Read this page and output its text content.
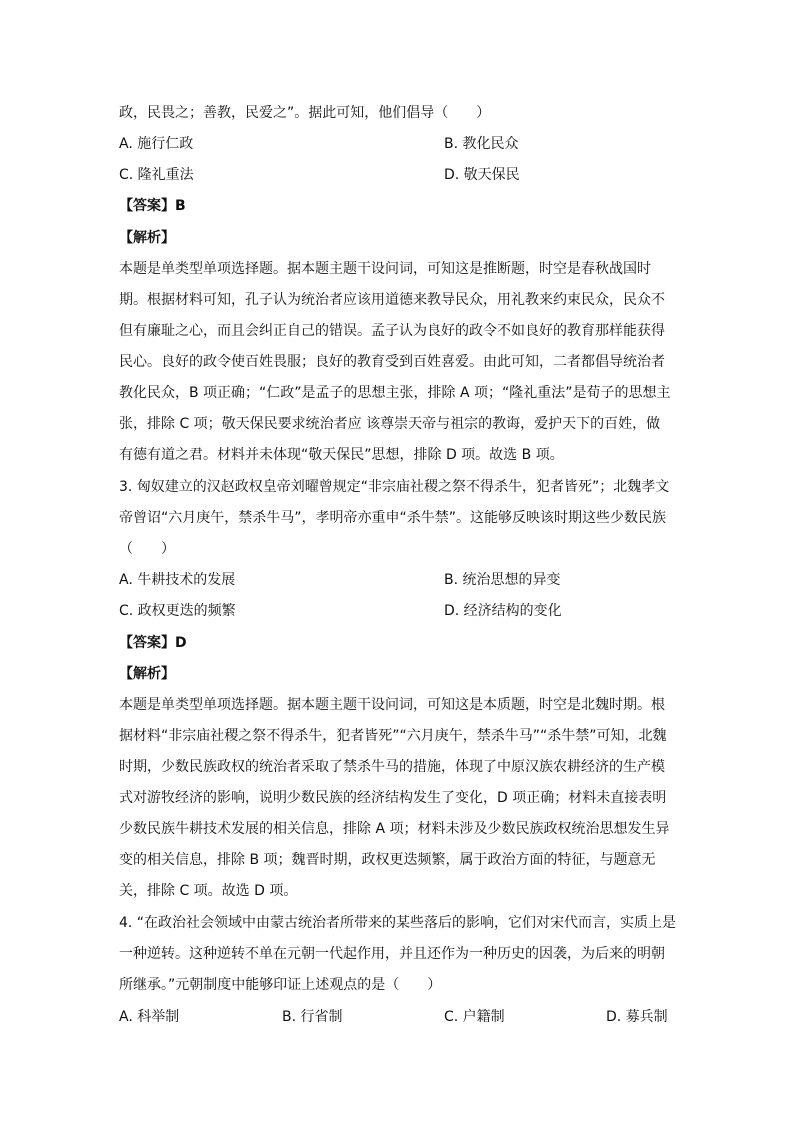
政，民畏之；善教，民爱之”。据此可知，他们倡导（　　）
A. 施行仁政	B. 教化民众
C. 隆礼重法	D. 敬天保民
【答案】B
【解析】
本题是单类型单项选择题。据本题主题干设问词，可知这是推断题，时空是春秋战国时
期。根据材料可知，孔子认为统治者应该用道德来教导民众，用礼教来约束民众，民众不
但有廉耻之心，而且会纠正自己的错误。孟子认为良好的政令不如良好的教育那样能获得
民心。良好的政令使百姓畏服；良好的教育受到百姓喜爱。由此可知，二者都倡导统治者
教化民众，B 项正确；“仁政”是孟子的思想主张，排除 A 项；“隆礼重法”是荀子的思想主
张，排除 C 项；敬天保民要求统治者应 该尊崇天帝与祖宗的教诲，爱护天下的百姓，做
有德有道之君。材料并未体现“敬天保民”思想，排除 D 项。故选 B 项。
3. 匈奴建立的汉赵政权皇帝刘曜曾规定“非宗庙社稷之祭不得杀牛，犯者皆死”；北魏孝文
帝曾诏“六月庚午，禁杀牛马”，孝明帝亦重申“杀牛禁”。这能够反映该时期这些少数民族
（　　）
A. 牛耕技术的发展	B. 统治思想的异变
C. 政权更迭的频繁	D. 经济结构的变化
【答案】D
【解析】
本题是单类型单项选择题。据本题主题干设问词，可知这是本质题，时空是北魏时期。根
据材料“非宗庙社稷之祭不得杀牛，犯者皆死”“六月庚午，禁杀牛马”“杀牛禁”可知，北魏
时期，少数民族政权的统治者采取了禁杀牛马的措施，体现了中原汉族农耕经济的生产模
式对游牧经济的影响，说明少数民族的经济结构发生了变化，D 项正确；材料未直接表明
少数民族牛耕技术发展的相关信息，排除 A 项；材料未涉及少数民族政权统治思想发生异
变的相关信息，排除 B 项；魏晋时期，政权更迭频繁，属于政治方面的特征，与题意无
关，排除 C 项。故选 D 项。
4. “在政治社会领域中由蒙古统治者所带来的某些落后的影响，它们对宋代而言，实质上是
一种逆转。这种逆转不单在元朝一代起作用，并且还作为一种历史的因袭，为后来的明朝
所继承。”元朝制度中能够印证上述观点的是（　　）
A. 科举制	B. 行省制	C. 户籍制	D. 募兵制
